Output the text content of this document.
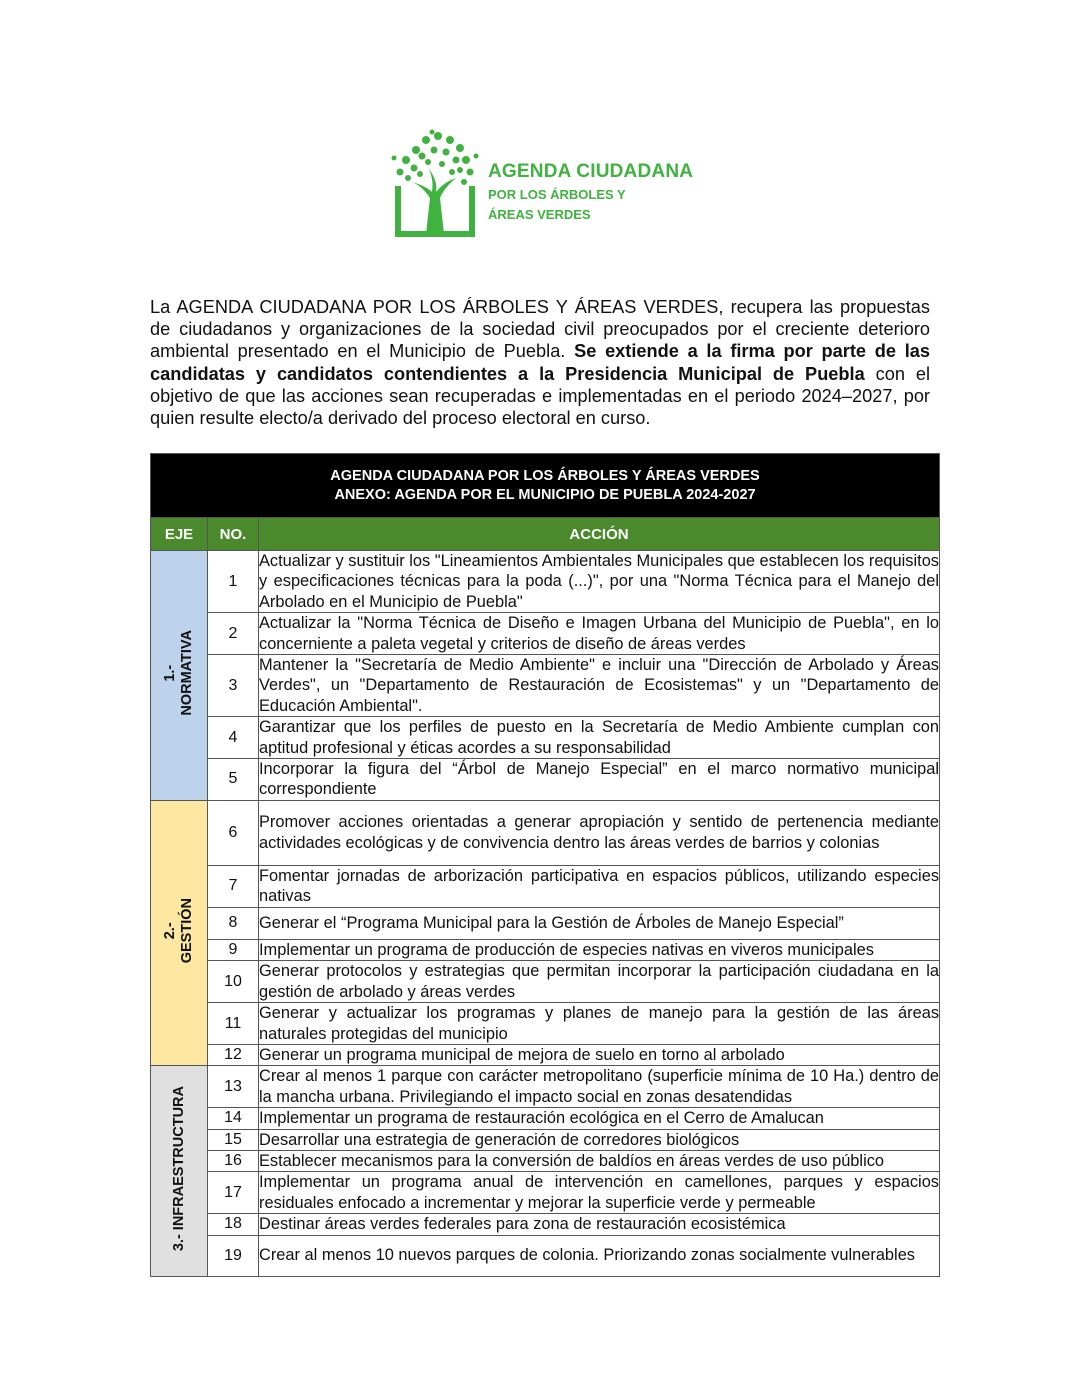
AGENDA CIUDADANA
POR LOS ÁRBOLES Y
ÁREAS VERDES

La AGENDA CIUDADANA POR LOS ÁRBOLES Y ÁREAS VERDES, recupera las propuestas de ciudadanos y organizaciones de la sociedad civil preocupados por el creciente deterioro ambiental presentado en el Municipio de Puebla. Se extiende a la firma por parte de las candidatas y candidatos contendientes a la Presidencia Municipal de Puebla con el objetivo de que las acciones sean recuperadas e implementadas en el periodo 2024–2027, por quien resulte electo/a derivado del proceso electoral en curso.

AGENDA CIUDADANA POR LOS ÁRBOLES Y ÁREAS VERDES
ANEXO: AGENDA POR EL MUNICIPIO DE PUEBLA 2024-2027		
EJE	NO.	ACCIÓN
1.-
NORMATIVA	1	Actualizar y sustituir los "Lineamientos Ambientales Municipales que establecen los requisitos y especificaciones técnicas para la poda (...)", por una "Norma Técnica para el Manejo del Arbolado en el Municipio de Puebla"
	2	Actualizar la "Norma Técnica de Diseño e Imagen Urbana del Municipio de Puebla", en lo concerniente a paleta vegetal y criterios de diseño de áreas verdes
	3	Mantener la "Secretaría de Medio Ambiente" e incluir una "Dirección de Arbolado y Áreas Verdes", un "Departamento de Restauración de Ecosistemas" y un "Departamento de Educación Ambiental".
	4	Garantizar que los perfiles de puesto en la Secretaría de Medio Ambiente cumplan con aptitud profesional y éticas acordes a su responsabilidad
	5	Incorporar la figura del “Árbol de Manejo Especial” en el marco normativo municipal correspondiente
2.-
GESTIÓN	6	Promover acciones orientadas a generar apropiación y sentido de pertenencia mediante actividades ecológicas y de convivencia dentro las áreas verdes de barrios y colonias
	7	Fomentar jornadas de arborización participativa en espacios públicos, utilizando especies nativas
	8	Generar el “Programa Municipal para la Gestión de Árboles de Manejo Especial”
	9	Implementar un programa de producción de especies nativas en viveros municipales
	10	Generar protocolos y estrategias que permitan incorporar la participación ciudadana en la gestión de arbolado y áreas verdes
	11	Generar y actualizar los programas y planes de manejo para la gestión de las áreas naturales protegidas del municipio
	12	Generar un programa municipal de mejora de suelo en torno al arbolado
3.- INFRAESTRUCTURA	13	Crear al menos 1 parque con carácter metropolitano (superficie mínima de 10 Ha.) dentro de la mancha urbana. Privilegiando el impacto social en zonas desatendidas
	14	Implementar un programa de restauración ecológica en el Cerro de Amalucan
	15	Desarrollar una estrategia de generación de corredores biológicos
	16	Establecer mecanismos para la conversión de baldíos en áreas verdes de uso público
	17	Implementar un programa anual de intervención en camellones, parques y espacios residuales enfocado a incrementar y mejorar la superficie verde y permeable
	18	Destinar áreas verdes federales para zona de restauración ecosistémica
	19	Crear al menos 10 nuevos parques de colonia. Priorizando zonas socialmente vulnerables
